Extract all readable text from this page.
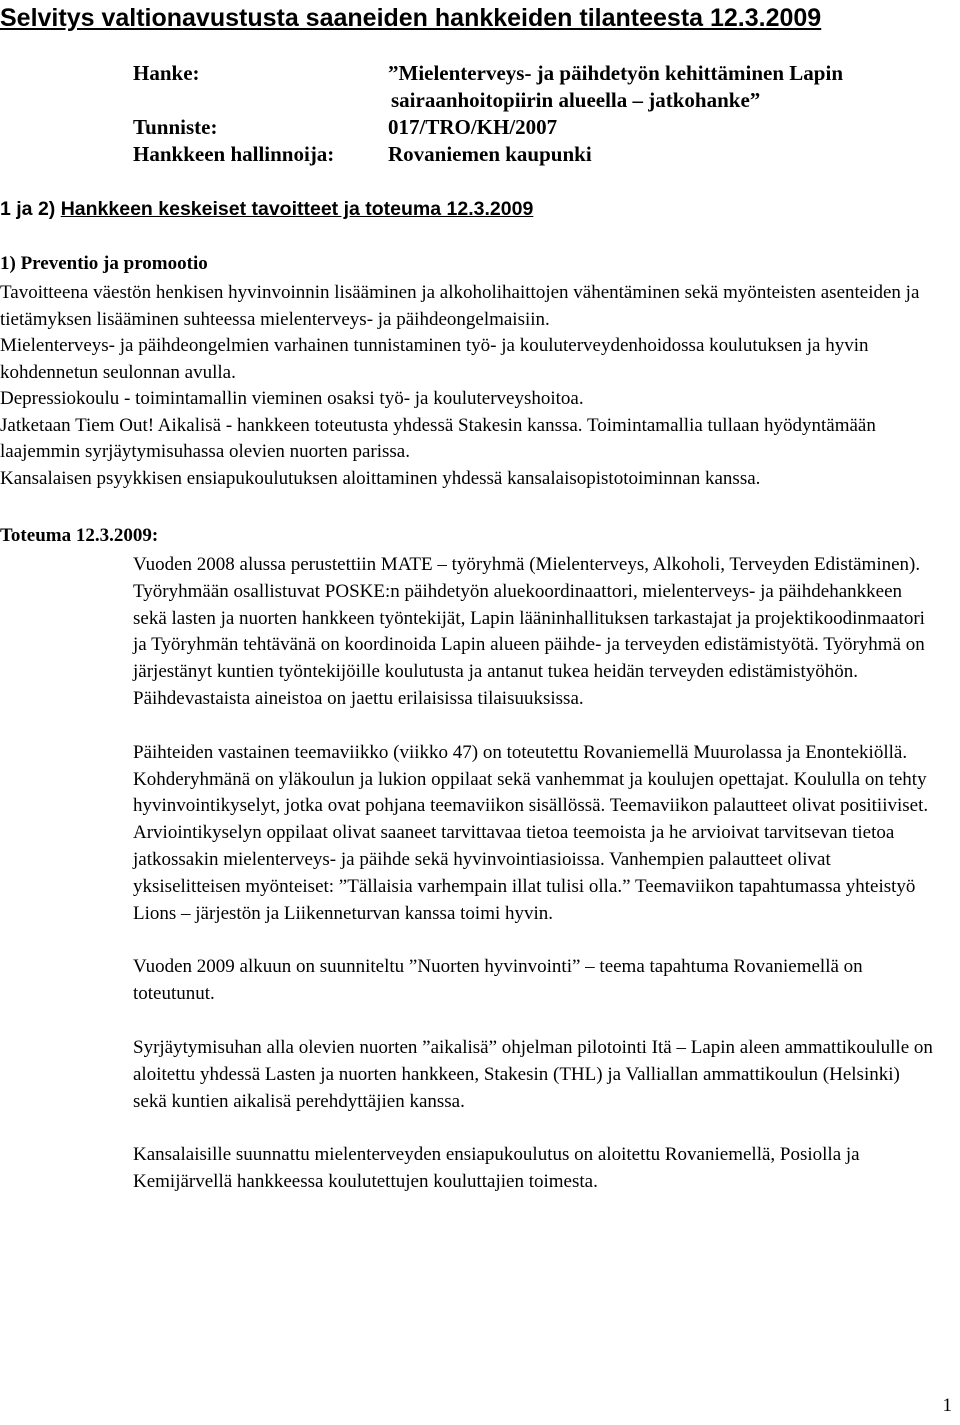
Selvitys valtionavustusta saaneiden hankkeiden tilanteesta 12.3.2009
Hanke:	”Mielenterveys- ja päihdetyön kehittäminen Lapin
sairaanhoitopiirin alueella – jatkohanke”
Tunniste:	017/TRO/KH/2007
Hankkeen hallinnoija:	Rovaniemen kaupunki
1 ja 2) Hankkeen keskeiset tavoitteet ja toteuma 12.3.2009
1) Preventio ja promootio

Tavoitteena väestön henkisen hyvinvoinnin lisääminen ja alkoholihaittojen vähentäminen sekä myönteisten asenteiden ja tietämyksen lisääminen suhteessa mielenterveys- ja päihdeongelmaisiin.

Mielenterveys- ja päihdeongelmien varhainen tunnistaminen työ- ja kouluterveydenhoidossa koulutuksen ja hyvin kohdennetun seulonnan avulla.

Depressiokoulu - toimintamallin vieminen osaksi työ- ja kouluterveyshoitoa.

Jatketaan Tiem Out! Aikalisä - hankkeen toteutusta yhdessä Stakesin kanssa. Toimintamallia tullaan hyödyntämään laajemmin syrjäytymisuhassa olevien nuorten parissa.

Kansalaisen psyykkisen ensiapukoulutuksen aloittaminen yhdessä kansalaisopistotoiminnan kanssa.

Toteuma 12.3.2009:

Vuoden 2008 alussa perustettiin MATE – työryhmä (Mielenterveys, Alkoholi, Terveyden Edistäminen). Työryhmään osallistuvat POSKE:n päihdetyön aluekoordinaattori, mielenterveys- ja päihdehankkeen sekä lasten ja nuorten hankkeen työntekijät, Lapin lääninhallituksen tarkastajat ja projektikoodinmaatori ja Työryhmän tehtävänä on koordinoida Lapin alueen päihde- ja terveyden edistämistyötä. Työryhmä on järjestänyt kuntien työntekijöille koulutusta ja antanut tukea heidän terveyden edistämistyöhön.

Päihdevastaista aineistoa on jaettu erilaisissa tilaisuuksissa.

Päihteiden vastainen teemaviikko (viikko 47) on toteutettu Rovaniemellä Muurolassa ja Enontekiöllä. Kohderyhmänä on yläkoulun ja lukion oppilaat sekä vanhemmat ja koulujen opettajat. Koululla on tehty hyvinvointikyselyt, jotka ovat pohjana teemaviikon sisällössä. Teemaviikon palautteet olivat positiiviset. Arviointikyselyn oppilaat olivat saaneet tarvittavaa tietoa teemoista ja he arvioivat tarvitsevan tietoa jatkossakin mielenterveys- ja päihde sekä hyvinvointiasioissa. Vanhempien palautteet olivat yksiselitteisen myönteiset: ”Tällaisia varhempain illat tulisi olla.” Teemaviikon tapahtumassa yhteistyö Lions – järjestön ja Liikenneturvan kanssa toimi hyvin.

Vuoden 2009 alkuun on suunniteltu ”Nuorten hyvinvointi” – teema tapahtuma Rovaniemellä on toteutunut.

Syrjäytymisuhan alla olevien nuorten ”aikalisä” ohjelman pilotointi Itä – Lapin aleen ammattikoululle on aloitettu yhdessä Lasten ja nuorten hankkeen, Stakesin (THL) ja Valliallan ammattikoulun (Helsinki) sekä kuntien aikalisä perehdyttäjien kanssa.

Kansalaisille suunnattu mielenterveyden ensiapukoulutus on aloitettu Rovaniemellä, Posiolla ja Kemijärvellä hankkeessa koulutettujen kouluttajien toimesta.

1
